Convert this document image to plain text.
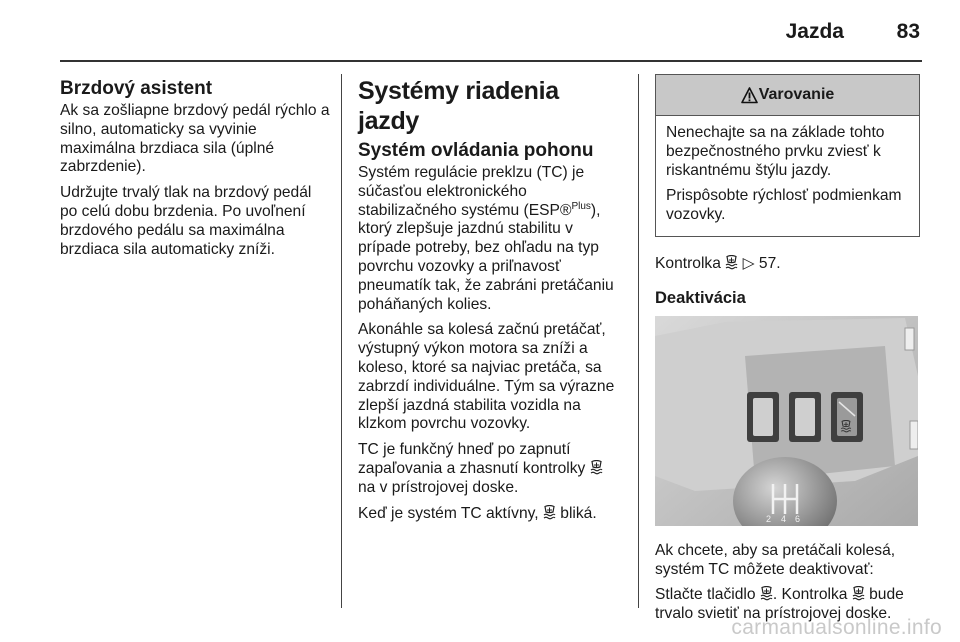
Jazda	83
Brzdový asistent

Ak sa zošliapne brzdový pedál rýchlo a silno, automaticky sa vyvinie maximálna brzdiaca sila (úplné zabrzdenie).

Udržujte trvalý tlak na brzdový pedál po celú dobu brzdenia. Po uvoľnení brzdového pedálu sa maximálna brzdiaca sila automaticky zníži.

Systémy riadenia jazdy
Systém ovládania pohonu

Systém regulácie preklzu (TC) je súčasťou elektronického stabilizačného systému (ESP®$^{Plus}$), ktorý zlepšuje jazdnú stabilitu v prípade potreby, bez ohľadu na typ povrchu vozovky a priľnavosť pneumatík tak, že zabráni pretáčaniu poháňaných kolies.

Akonáhle sa kolesá začnú pretáčať, výstupný výkon motora sa zníži a koleso, ktoré sa najviac pretáča, sa zabrzdí individuálne. Tým sa výrazne zlepší jazdná stabilita vozidla na klzkom povrchu vozovky.

TC je funkčný hneď po zapnutí zapaľovania a zhasnutí kontrolky  na v prístrojovej doske.

Keď je systém TC aktívny, bliká.

Varovanie

Nenechajte sa na základe tohto bezpečnostného prvku zviesť k riskantnému štýlu jazdy.

Prispôsobte rýchlosť podmienkam vozovky.

Kontrolka ▷ 57.

Deaktivácia
2 4 6

Ak chcete, aby sa pretáčali kolesá, systém TC môžete deaktivovať:

Stlačte tlačidlo . Kontrolka bude trvalo svietiť na prístrojovej doske.

carmanualsonline.info
